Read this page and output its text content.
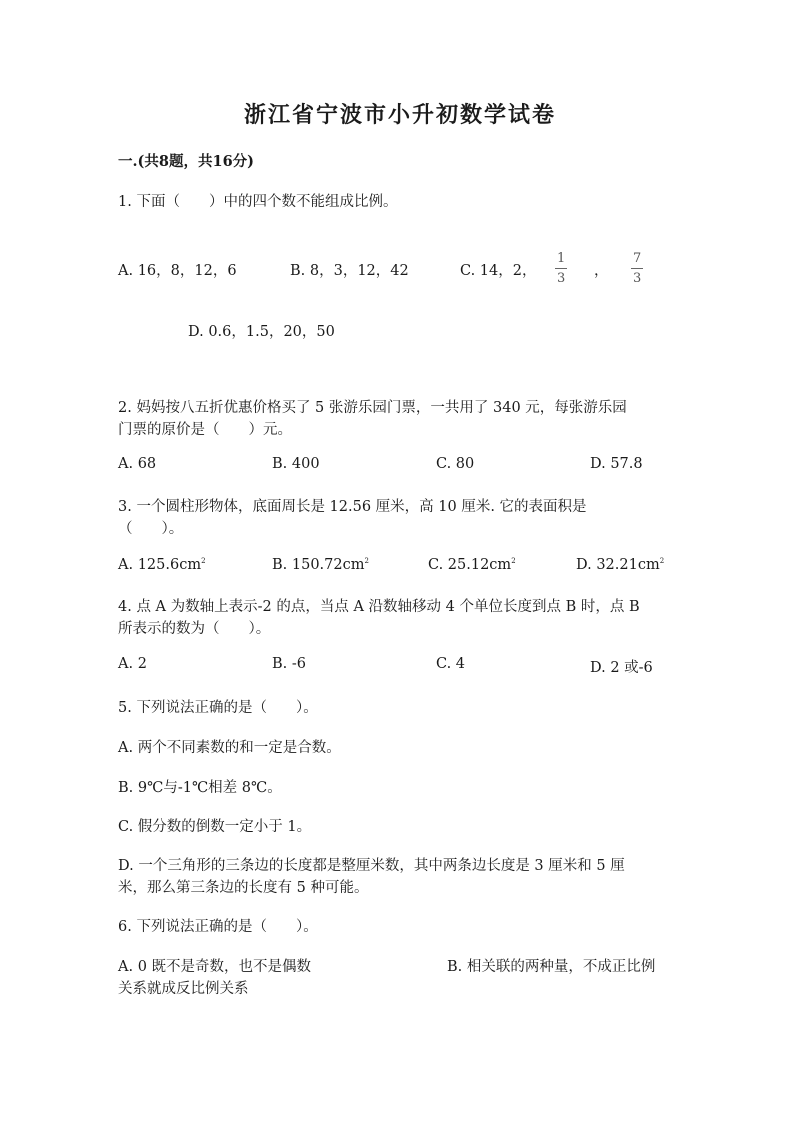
浙江省宁波市小升初数学试卷
一.(共8题，共16分)
1. 下面（　　）中的四个数不能组成比例。
A. 16，8，12，6	B. 8，3，12，42	C. 14，2，
1
3 ，
7
3
D. 0.6，1.5，20，50
2. 妈妈按八五折优惠价格买了 5 张游乐园门票，一共用了 340 元，每张游乐园
门票的原价是（　　）元。
A. 68	B. 400	C. 80	D. 57.8
3. 一个圆柱形物体，底面周长是 12.56 厘米，高 10 厘米. 它的表面积是
（　　）。
A. $125.6cm^2$	B. $150.72cm^2$	C. $25.12cm^2$	D. $32.21cm^2$
4. 点 A 为数轴上表示-2 的点，当点 A 沿数轴移动 4 个单位长度到点 B 时，点 B
所表示的数为（　　）。
A. 2	B. -6	C. 4	D. 2 或-6
5. 下列说法正确的是（　　）。
A. 两个不同素数的和一定是合数。
B. 9℃与-1℃相差 8℃。
C. 假分数的倒数一定小于 1。
D. 一个三角形的三条边的长度都是整厘米数，其中两条边长度是 3 厘米和 5 厘
米，那么第三条边的长度有 5 种可能。
6. 下列说法正确的是（　　）。
A. 0 既不是奇数，也不是偶数	B. 相关联的两种量，不成正比例
关系就成反比例关系
